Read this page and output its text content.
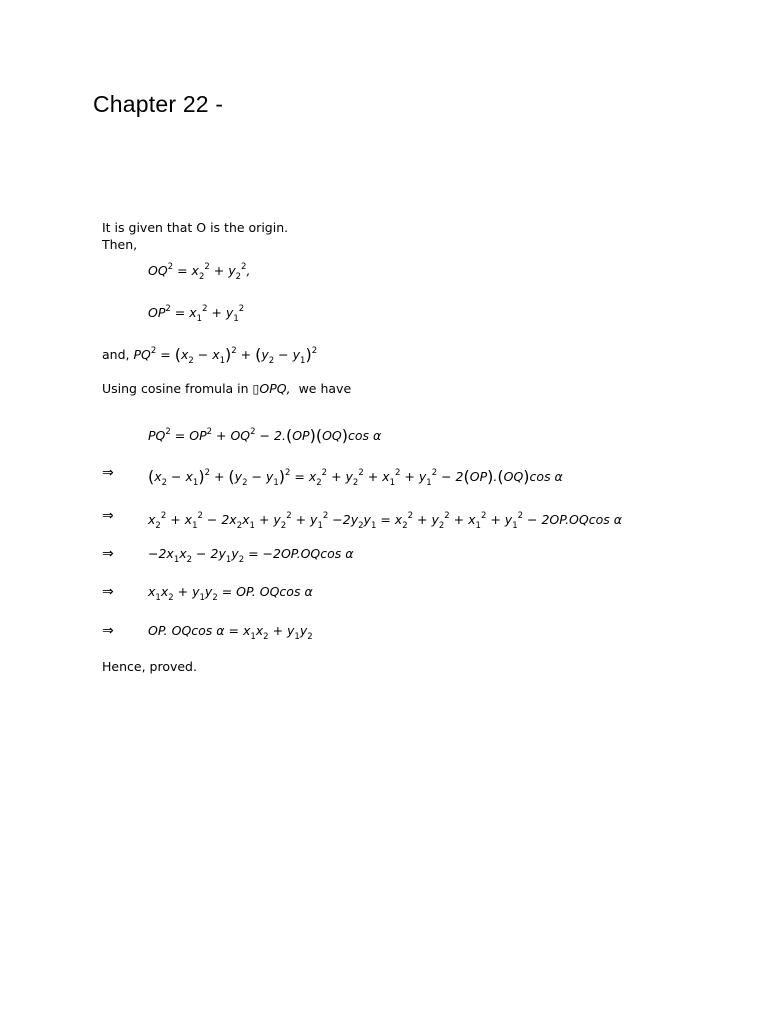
Chapter 22 -
It is given that O is the origin.
Then,
$OQ^2 = x_2^2 + y_2^2$,
$OP^2 = x_1^2 + y_1^2$
and, $PQ^2 = (x_2 - x_1)^2 + (y_2 - y_1)^2$
Using cosine fromula in ▯OPQ,  we have
$PQ^2 = OP^2 + OQ^2 - 2.(OP)(OQ)\cos$ α
⇒ $(x_2 - x_1)^2 + (y_2 - y_1)^2 = x_2^2 + y_2^2 + x_1^2 + y_1^2 - 2(OP).(OQ)\cos$ α
⇒	$x_2^2 + x_1^2 - 2x_2x_1 + y_2^2 + y_1^2 -2y_2y_1 = x_2^2 + y_2^2 + x_1^2 + y_1^2 - 2OP.OQcos$ α
⇒	$-2x_1x_2 - 2y_1y_2 = -2OP.OQcos$ α
⇒	$x_1x_2 + y_1y_2$ = OP. OQcos α
⇒	OP. OQcos $\alpha = x_1x_2 + y_1y_2$
Hence, proved.
